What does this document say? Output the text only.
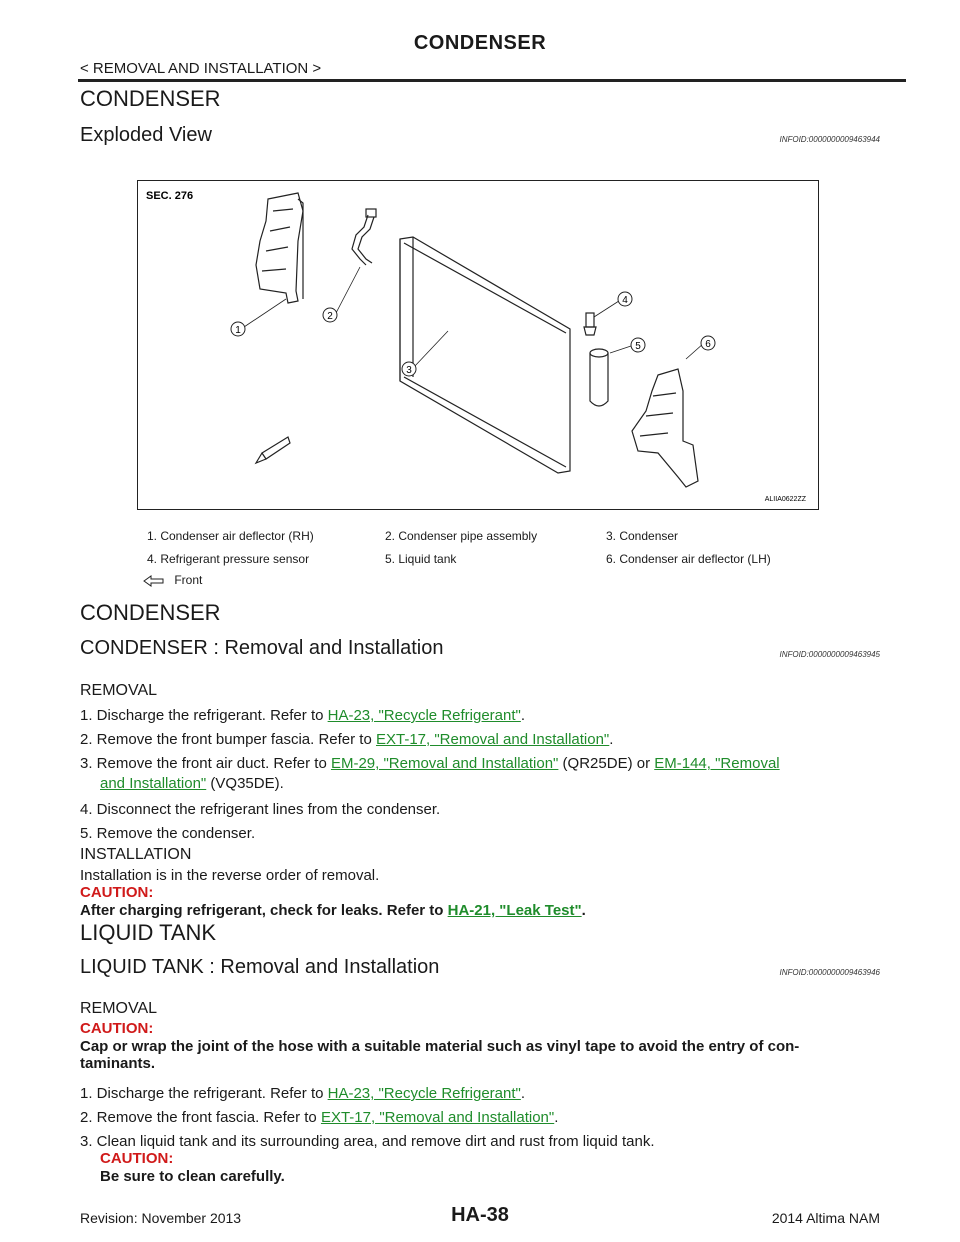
CONDENSER
< REMOVAL AND INSTALLATION >
CONDENSER
Exploded View	INFOID:0000000009463944
SEC. 276
1
2
3
4
5	6
ALIIA0622ZZ
1. Condenser air deflector (RH)	2. Condenser pipe assembly	3. Condenser
4. Refrigerant pressure sensor	5. Liquid tank	6. Condenser air deflector (LH)
Front
CONDENSER
CONDENSER : Removal and Installation	INFOID:0000000009463945
REMOVAL
1. Discharge the refrigerant. Refer to HA-23, "Recycle Refrigerant".
2. Remove the front bumper fascia. Refer to EXT-17, "Removal and Installation".
3. Remove the front air duct. Refer to EM-29, "Removal and Installation" (QR25DE) or EM-144, "Removal
and Installation" (VQ35DE).
4. Disconnect the refrigerant lines from the condenser.
5. Remove the condenser.
INSTALLATION
Installation is in the reverse order of removal.
CAUTION:
After charging refrigerant, check for leaks. Refer to HA-21, "Leak Test".
LIQUID TANK
LIQUID TANK : Removal and Installation	INFOID:0000000009463946
REMOVAL
CAUTION:
Cap or wrap the joint of the hose with a suitable material such as vinyl tape to avoid the entry of con-
taminants.
1. Discharge the refrigerant. Refer to HA-23, "Recycle Refrigerant".
2. Remove the front fascia. Refer to EXT-17, "Removal and Installation".
3. Clean liquid tank and its surrounding area, and remove dirt and rust from liquid tank.
CAUTION:
Be sure to clean carefully.
Revision: November 2013	HA-38	2014 Altima NAM
